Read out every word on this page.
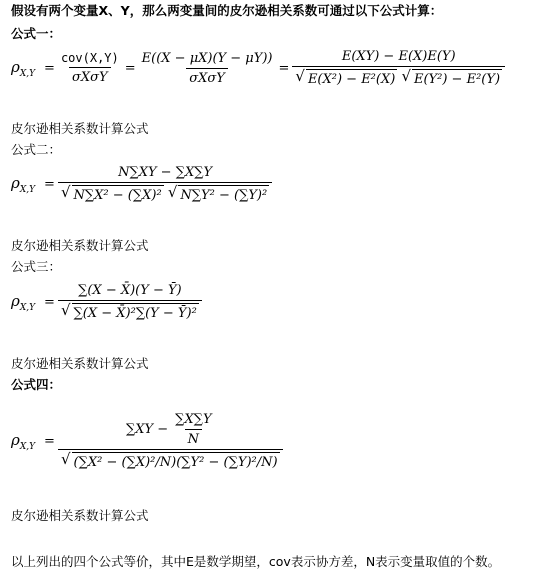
假设有两个变量X、Y，那么两变量间的皮尔逊相关系数可通过以下公式计算：
公式一：
$\rho_{X,Y} = \frac{\text{cov(X,Y)}}{\text{σXσY}} = \frac{E((X - \mu X)(Y - \mu Y))}{\text{σXσY}} = E(XY) - E(X)E(Y)$
√ E(X²) − E²(X)
√ E(Y²) − E²(Y)
皮尔逊相关系数计算公式
公式二：
$\rho_{X,Y} = N\sum XY - \sum X\sum Y$
√ N∑X² − (∑X)²
√ N∑Y² − (∑Y)²
皮尔逊相关系数计算公式
公式三：
$\rho_{X,Y} = \frac{\sum(X - X̄)(Y - Ȳ)}{\text{√ ∑(X − X̄)²∑(Y − Ȳ)²}}$
皮尔逊相关系数计算公式
公式四：
$\rho_{X,Y} = \frac{\sum XY - \frac{\sum X\sum Y}{N}}{\text{√ (∑X² − (∑X)²/N)(∑Y² − (∑Y)²/N)}}$
皮尔逊相关系数计算公式
以上列出的四个公式等价，其中E是数学期望，cov表示协方差，N表示变量取值的个数。
